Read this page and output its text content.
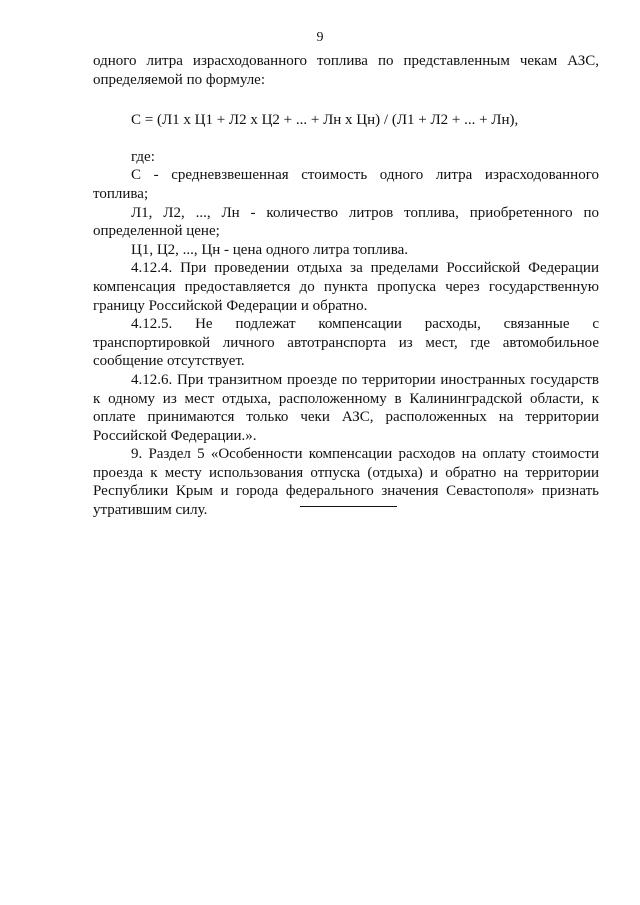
9

одного литра израсходованного топлива по представленным чекам АЗС, определяемой по формуле:

С = (Л1 х Ц1 + Л2 х Ц2 + ... + Лн х Цн) / (Л1 + Л2 + ... + Лн),

где:

С - средневзвешенная стоимость одного литра израсходованного топлива;

Л1, Л2, ..., Лн - количество литров топлива, приобретенного по определенной цене;

Ц1, Ц2, ..., Цн - цена одного литра топлива.

4.12.4. При проведении отдыха за пределами Российской Федерации компенсация предоставляется до пункта пропуска через государственную границу Российской Федерации и обратно.

4.12.5. Не подлежат компенсации расходы, связанные с транспортировкой личного автотранспорта из мест, где автомобильное сообщение отсутствует.

4.12.6. При транзитном проезде по территории иностранных государств к одному из мест отдыха, расположенному в Калининградской области, к оплате принимаются только чеки АЗС, расположенных на территории Российской Федерации.».

9. Раздел 5 «Особенности компенсации расходов на оплату стоимости проезда к месту использования отпуска (отдыха) и обратно на территории Республики Крым и города федерального значения Севастополя» признать утратившим силу.
